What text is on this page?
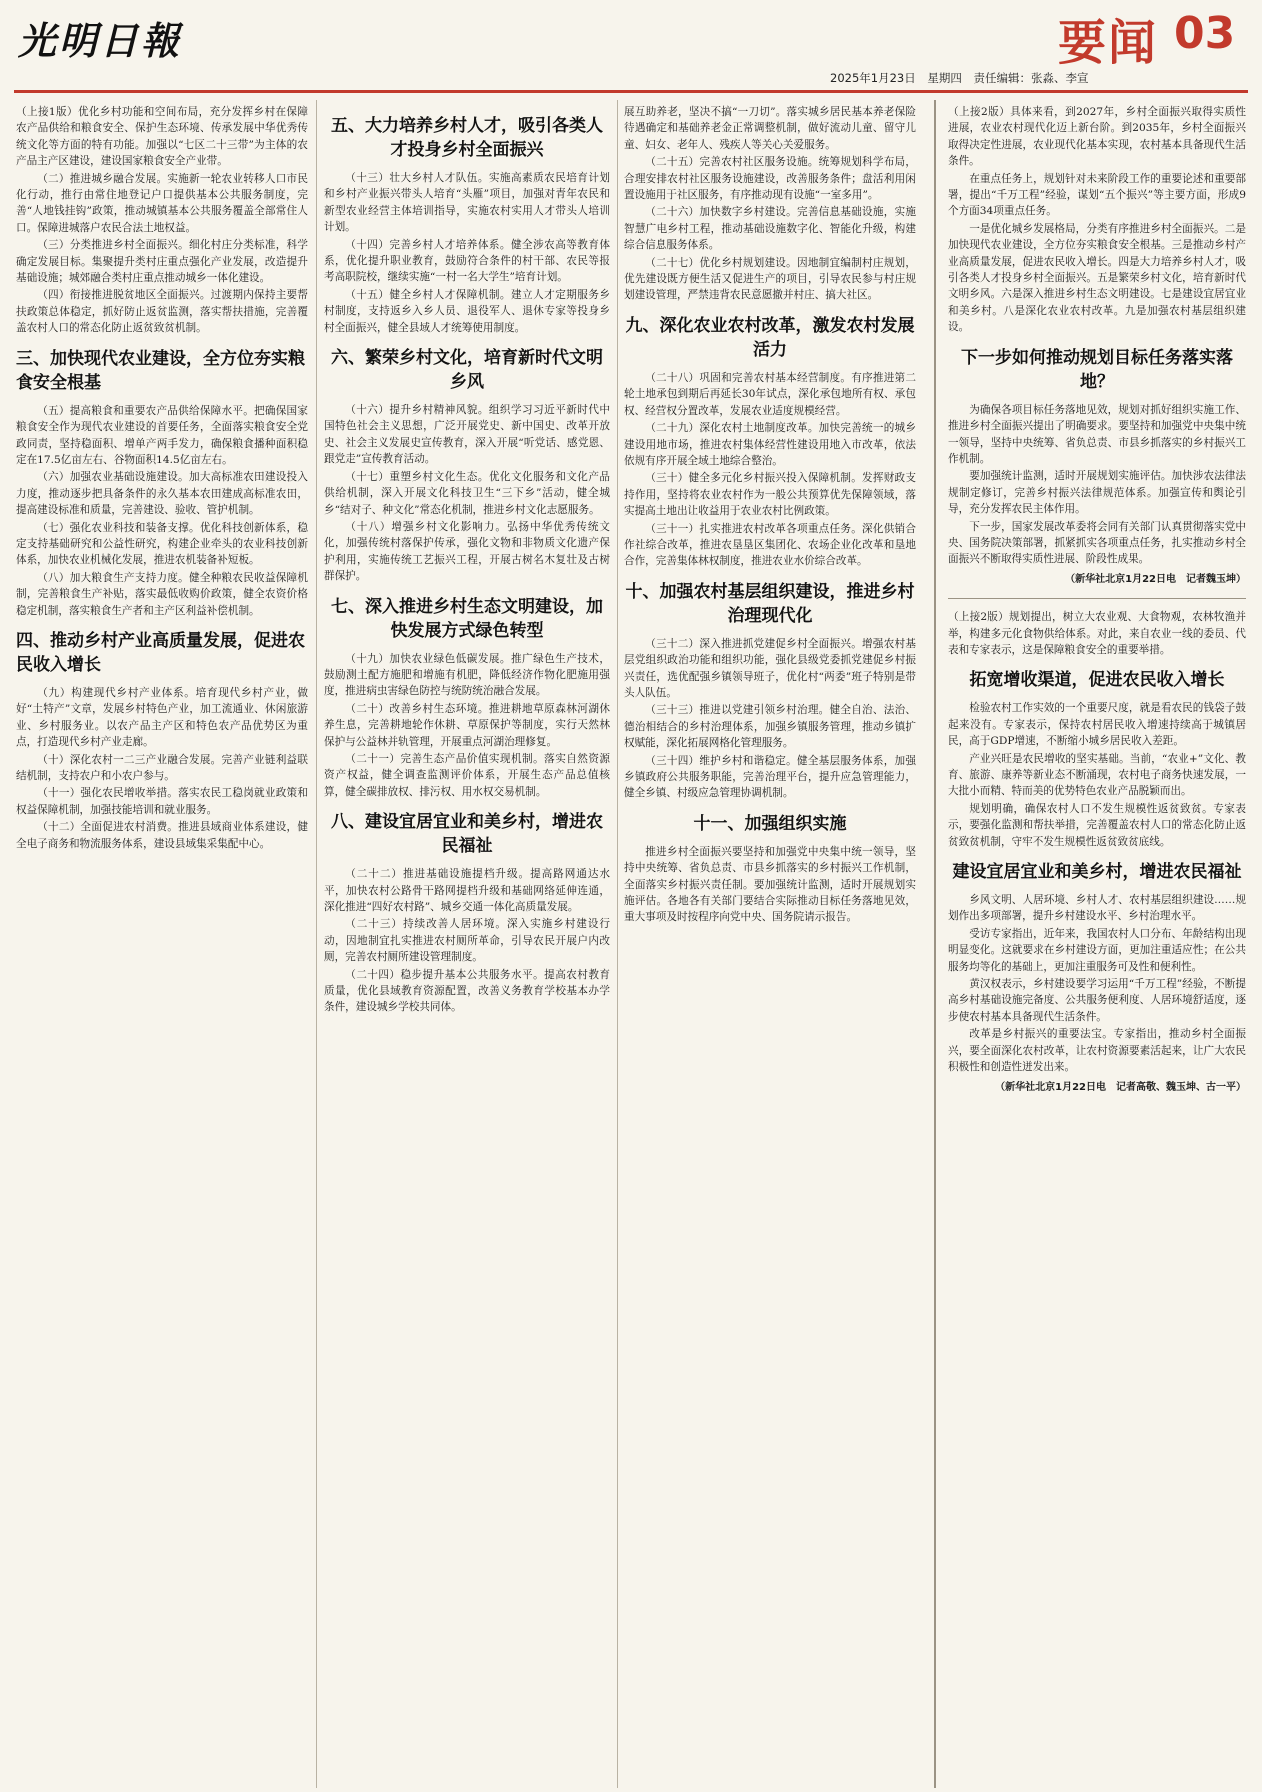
光明日報
2025年1月23日 星期四 责任编辑：张淼、李宣
要闻 03

（上接1版）优化乡村功能和空间布局，充分发挥乡村在保障农产品供给和粮食安全、保护生态环境、传承发展中华优秀传统文化等方面的特有功能。加强以“七区二十三带”为主体的农产品主产区建设，建设国家粮食安全产业带。

（二）推进城乡融合发展。实施新一轮农业转移人口市民化行动，推行由常住地登记户口提供基本公共服务制度，完善“人地钱挂钩”政策，推动城镇基本公共服务覆盖全部常住人口。保障进城落户农民合法土地权益。

（三）分类推进乡村全面振兴。细化村庄分类标准，科学确定发展目标。集聚提升类村庄重点强化产业发展，改造提升基础设施；城郊融合类村庄重点推动城乡一体化建设。

（四）衔接推进脱贫地区全面振兴。过渡期内保持主要帮扶政策总体稳定，抓好防止返贫监测，落实帮扶措施，完善覆盖农村人口的常态化防止返贫致贫机制。

三、加快现代农业建设，全方位夯实粮食安全根基

（五）提高粮食和重要农产品供给保障水平。把确保国家粮食安全作为现代农业建设的首要任务，全面落实粮食安全党政同责，坚持稳面积、增单产两手发力，确保粮食播种面积稳定在17.5亿亩左右、谷物面积14.5亿亩左右。

（六）加强农业基础设施建设。加大高标准农田建设投入力度，推动逐步把具备条件的永久基本农田建成高标准农田，提高建设标准和质量，完善建设、验收、管护机制。

（七）强化农业科技和装备支撑。优化科技创新体系，稳定支持基础研究和公益性研究，构建企业牵头的农业科技创新体系，加快农业机械化发展，推进农机装备补短板。

（八）加大粮食生产支持力度。健全种粮农民收益保障机制，完善粮食生产补贴，落实最低收购价政策，健全农资价格稳定机制，落实粮食生产者和主产区利益补偿机制。

四、推动乡村产业高质量发展，促进农民收入增长

（九）构建现代乡村产业体系。培育现代乡村产业，做好“土特产”文章，发展乡村特色产业，加工流通业、休闲旅游业、乡村服务业。以农产品主产区和特色农产品优势区为重点，打造现代乡村产业走廊。

（十）深化农村一二三产业融合发展。完善产业链利益联结机制，支持农户和小农户参与。

（十一）强化农民增收举措。落实农民工稳岗就业政策和权益保障机制，加强技能培训和就业服务。

（十二）全面促进农村消费。推进县域商业体系建设，健全电子商务和物流服务体系，建设县域集采集配中心。

五、大力培养乡村人才，吸引各类人才投身乡村全面振兴

（十三）壮大乡村人才队伍。实施高素质农民培育计划和乡村产业振兴带头人培育“头雁”项目，加强对青年农民和新型农业经营主体培训指导，实施农村实用人才带头人培训计划。

（十四）完善乡村人才培养体系。健全涉农高等教育体系，优化提升职业教育，鼓励符合条件的村干部、农民等报考高职院校，继续实施“一村一名大学生”培育计划。

（十五）健全乡村人才保障机制。建立人才定期服务乡村制度，支持返乡入乡人员、退役军人、退休专家等投身乡村全面振兴，健全县域人才统筹使用制度。

六、繁荣乡村文化，培育新时代文明乡风

（十六）提升乡村精神风貌。组织学习习近平新时代中国特色社会主义思想，广泛开展党史、新中国史、改革开放史、社会主义发展史宣传教育，深入开展“听党话、感党恩、跟党走”宣传教育活动。

（十七）重塑乡村文化生态。优化文化服务和文化产品供给机制，深入开展文化科技卫生“三下乡”活动，健全城乡“结对子、种文化”常态化机制，推进乡村文化志愿服务。

（十八）增强乡村文化影响力。弘扬中华优秀传统文化，加强传统村落保护传承，强化文物和非物质文化遗产保护利用，实施传统工艺振兴工程，开展古树名木复壮及古树群保护。

七、深入推进乡村生态文明建设，加快发展方式绿色转型

（十九）加快农业绿色低碳发展。推广绿色生产技术，鼓励测土配方施肥和增施有机肥，降低经济作物化肥施用强度，推进病虫害绿色防控与统防统治融合发展。

（二十）改善乡村生态环境。推进耕地草原森林河湖休养生息，完善耕地轮作休耕、草原保护等制度，实行天然林保护与公益林并轨管理，开展重点河湖治理修复。

（二十一）完善生态产品价值实现机制。落实自然资源资产权益，健全调查监测评价体系，开展生态产品总值核算，健全碳排放权、排污权、用水权交易机制。

八、建设宜居宜业和美乡村，增进农民福祉

（二十二）推进基础设施提档升级。提高路网通达水平，加快农村公路骨干路网提档升级和基础网络延伸连通，深化推进“四好农村路”、城乡交通一体化高质量发展。

（二十三）持续改善人居环境。深入实施乡村建设行动，因地制宜扎实推进农村厕所革命，引导农民开展户内改厕，完善农村厕所建设管理制度。

（二十四）稳步提升基本公共服务水平。提高农村教育质量，优化县域教育资源配置，改善义务教育学校基本办学条件，建设城乡学校共同体。

展互助养老，坚决不搞“一刀切”。落实城乡居民基本养老保险待遇确定和基础养老金正常调整机制，做好流动儿童、留守儿童、妇女、老年人、残疾人等关心关爱服务。

（二十五）完善农村社区服务设施。统筹规划科学布局，合理安排农村社区服务设施建设，改善服务条件；盘活利用闲置设施用于社区服务，有序推动现有设施“一室多用”。

（二十六）加快数字乡村建设。完善信息基础设施，实施智慧广电乡村工程，推动基础设施数字化、智能化升级，构建综合信息服务体系。

（二十七）优化乡村规划建设。因地制宜编制村庄规划，优先建设既方便生活又促进生产的项目，引导农民参与村庄规划建设管理，严禁违背农民意愿撤并村庄、搞大社区。

九、深化农业农村改革，激发农村发展活力

（二十八）巩固和完善农村基本经营制度。有序推进第二轮土地承包到期后再延长30年试点，深化承包地所有权、承包权、经营权分置改革，发展农业适度规模经营。

（二十九）深化农村土地制度改革。加快完善统一的城乡建设用地市场，推进农村集体经营性建设用地入市改革，依法依规有序开展全域土地综合整治。

（三十）健全多元化乡村振兴投入保障机制。发挥财政支持作用，坚持将农业农村作为一般公共预算优先保障领域，落实提高土地出让收益用于农业农村比例政策。

（三十一）扎实推进农村改革各项重点任务。深化供销合作社综合改革，推进农垦垦区集团化、农场企业化改革和垦地合作，完善集体林权制度，推进农业水价综合改革。

十、加强农村基层组织建设，推进乡村治理现代化

（三十二）深入推进抓党建促乡村全面振兴。增强农村基层党组织政治功能和组织功能，强化县级党委抓党建促乡村振兴责任，选优配强乡镇领导班子，优化村“两委”班子特别是带头人队伍。

（三十三）推进以党建引领乡村治理。健全自治、法治、德治相结合的乡村治理体系，加强乡镇服务管理，推动乡镇扩权赋能，深化拓展网格化管理服务。

（三十四）维护乡村和谐稳定。健全基层服务体系，加强乡镇政府公共服务职能，完善治理平台，提升应急管理能力，健全乡镇、村级应急管理协调机制。

十一、加强组织实施

推进乡村全面振兴要坚持和加强党中央集中统一领导，坚持中央统筹、省负总责、市县乡抓落实的乡村振兴工作机制，全面落实乡村振兴责任制。要加强统计监测，适时开展规划实施评估。各地各有关部门要结合实际推动目标任务落地见效，重大事项及时按程序向党中央、国务院请示报告。

（上接2版）具体来看，到2027年，乡村全面振兴取得实质性进展，农业农村现代化迈上新台阶。到2035年，乡村全面振兴取得决定性进展，农业现代化基本实现，农村基本具备现代生活条件。

在重点任务上，规划针对未来阶段工作的重要论述和重要部署，提出“千万工程”经验，谋划“五个振兴”等主要方面，形成9个方面34项重点任务。

一是优化城乡发展格局，分类有序推进乡村全面振兴。二是加快现代农业建设，全方位夯实粮食安全根基。三是推动乡村产业高质量发展，促进农民收入增长。四是大力培养乡村人才，吸引各类人才投身乡村全面振兴。五是繁荣乡村文化，培育新时代文明乡风。六是深入推进乡村生态文明建设。七是建设宜居宜业和美乡村。八是深化农业农村改革。九是加强农村基层组织建设。

下一步如何推动规划目标任务落实落地？

为确保各项目标任务落地见效，规划对抓好组织实施工作、推进乡村全面振兴提出了明确要求。要坚持和加强党中央集中统一领导，坚持中央统筹、省负总责、市县乡抓落实的乡村振兴工作机制。

要加强统计监测，适时开展规划实施评估。加快涉农法律法规制定修订，完善乡村振兴法律规范体系。加强宣传和舆论引导，充分发挥农民主体作用。

下一步，国家发展改革委将会同有关部门认真贯彻落实党中央、国务院决策部署，抓紧抓实各项重点任务，扎实推动乡村全面振兴不断取得实质性进展、阶段性成果。

（新华社北京1月22日电　记者魏玉坤）

（上接2版）规划提出，树立大农业观、大食物观，农林牧渔并举，构建多元化食物供给体系。对此，来自农业一线的委员、代表和专家表示，这是保障粮食安全的重要举措。

拓宽增收渠道，促进农民收入增长

检验农村工作实效的一个重要尺度，就是看农民的钱袋子鼓起来没有。专家表示，保持农村居民收入增速持续高于城镇居民，高于GDP增速，不断缩小城乡居民收入差距。

产业兴旺是农民增收的坚实基础。当前，“农业+”文化、教育、旅游、康养等新业态不断涌现，农村电子商务快速发展，一大批小而精、特而美的优势特色农业产品脱颖而出。

规划明确，确保农村人口不发生规模性返贫致贫。专家表示，要强化监测和帮扶举措，完善覆盖农村人口的常态化防止返贫致贫机制，守牢不发生规模性返贫致贫底线。

建设宜居宜业和美乡村，增进农民福祉

乡风文明、人居环境、乡村人才、农村基层组织建设……规划作出多项部署，提升乡村建设水平、乡村治理水平。

受访专家指出，近年来，我国农村人口分布、年龄结构出现明显变化。这就要求在乡村建设方面，更加注重适应性；在公共服务均等化的基础上，更加注重服务可及性和便利性。

黄汉权表示，乡村建设要学习运用“千万工程”经验，不断提高乡村基础设施完备度、公共服务便利度、人居环境舒适度，逐步使农村基本具备现代生活条件。

改革是乡村振兴的重要法宝。专家指出，推动乡村全面振兴，要全面深化农村改革，让农村资源要素活起来，让广大农民积极性和创造性迸发出来。

（新华社北京1月22日电　记者高敬、魏玉坤、古一平）
